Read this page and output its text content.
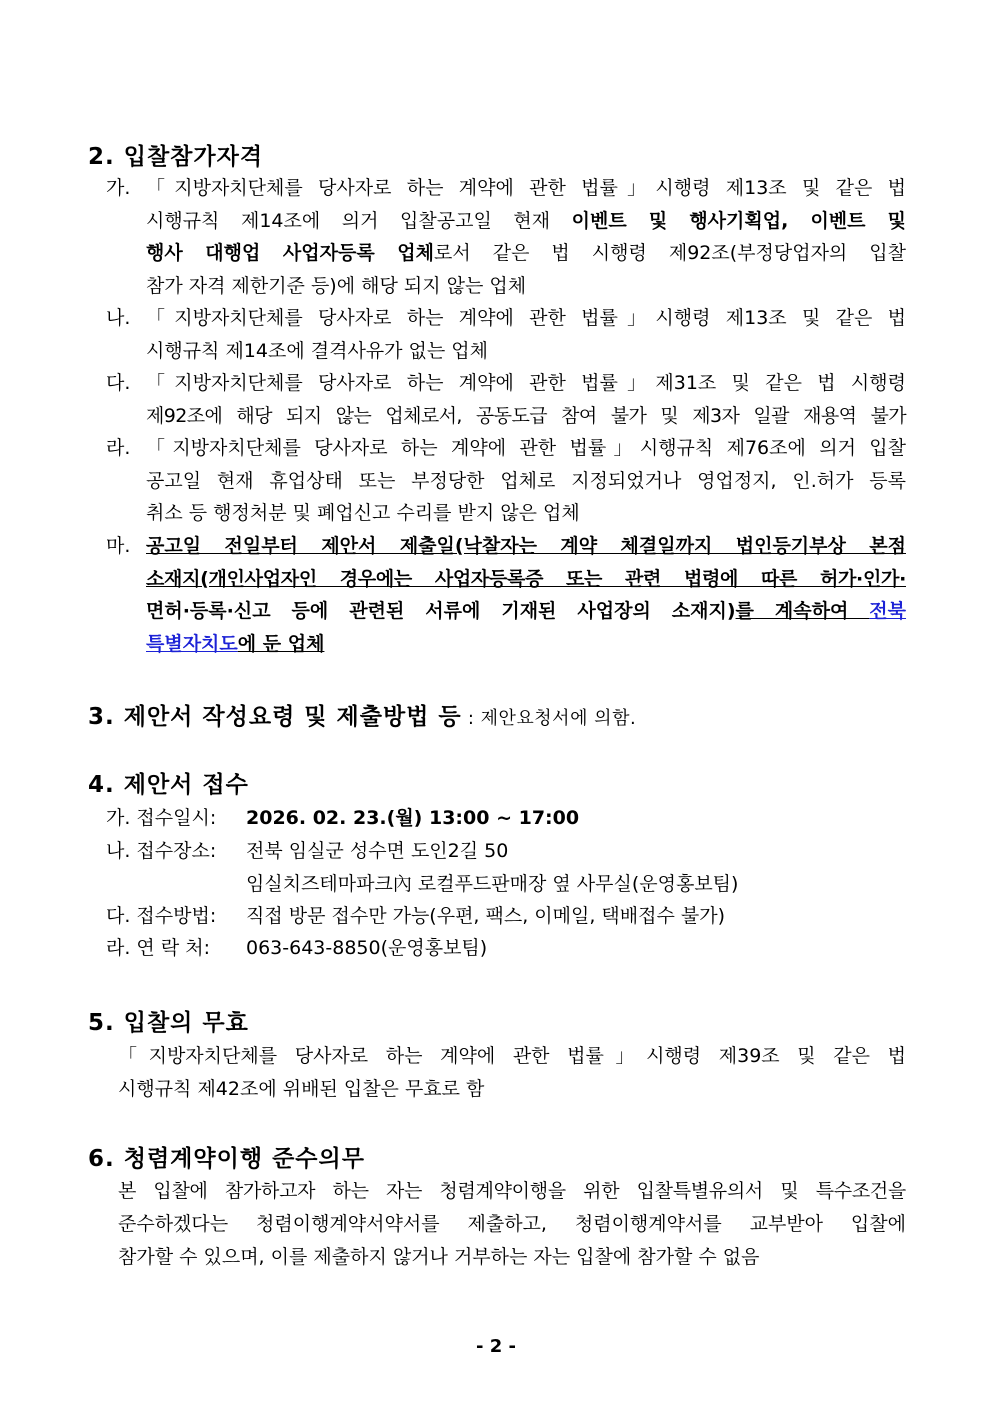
2. 입찰참가자격
가. 「지방자치단체를 당사자로 하는 계약에 관한 법률」시행령 제13조 및 같은 법

시행규칙 제14조에 의거 입찰공고일 현재 이벤트 및 행사기획업, 이벤트 및

행사 대행업 사업자등록 업체로서 같은 법 시행령 제92조(부정당업자의 입찰

참가 자격 제한기준 등)에 해당 되지 않는 업체

나. 「지방자치단체를 당사자로 하는 계약에 관한 법률」시행령 제13조 및 같은 법

시행규칙 제14조에 결격사유가 없는 업체

다. 「지방자치단체를 당사자로 하는 계약에 관한 법률」제31조 및 같은 법 시행령

제92조에 해당 되지 않는 업체로서, 공동도급 참여 불가 및 제3자 일괄 재용역 불가

라. 「지방자치단체를 당사자로 하는 계약에 관한 법률」시행규칙 제76조에 의거 입찰

공고일 현재 휴업상태 또는 부정당한 업체로 지정되었거나 영업정지, 인.허가 등록

취소 등 행정처분 및 폐업신고 수리를 받지 않은 업체

마. 공고일 전일부터 제안서 제출일(낙찰자는 계약 체결일까지 법인등기부상 본점

소재지(개인사업자인 경우에는 사업자등록증 또는 관련 법령에 따른 허가·인가·

면허·등록·신고 등에 관련된 서류에 기재된 사업장의 소재지)를 계속하여 전북

특별자치도에 둔 업체

3. 제안서 작성요령 및 제출방법 등 : 제안요청서에 의함.
4. 제안서 접수
가. 접수일시: 2026. 02. 23.(월) 13:00 ~ 17:00
나. 접수장소: 전북 임실군 성수면 도인2길 50
임실치즈테마파크內 로컬푸드판매장 옆 사무실(운영홍보팀)
다. 접수방법: 직접 방문 접수만 가능(우편, 팩스, 이메일, 택배접수 불가)
라. 연 락 처: 063-643-8850(운영홍보팀)
5. 입찰의 무효

「지방자치단체를 당사자로 하는 계약에 관한 법률」시행령 제39조 및 같은 법

시행규칙 제42조에 위배된 입찰은 무효로 함

6. 청렴계약이행 준수의무

본 입찰에 참가하고자 하는 자는 청렴계약이행을 위한 입찰특별유의서 및 특수조건을

준수하겠다는 청렴이행계약서약서를 제출하고, 청렴이행계약서를 교부받아 입찰에

참가할 수 있으며, 이를 제출하지 않거나 거부하는 자는 입찰에 참가할 수 없음

- 2 -
